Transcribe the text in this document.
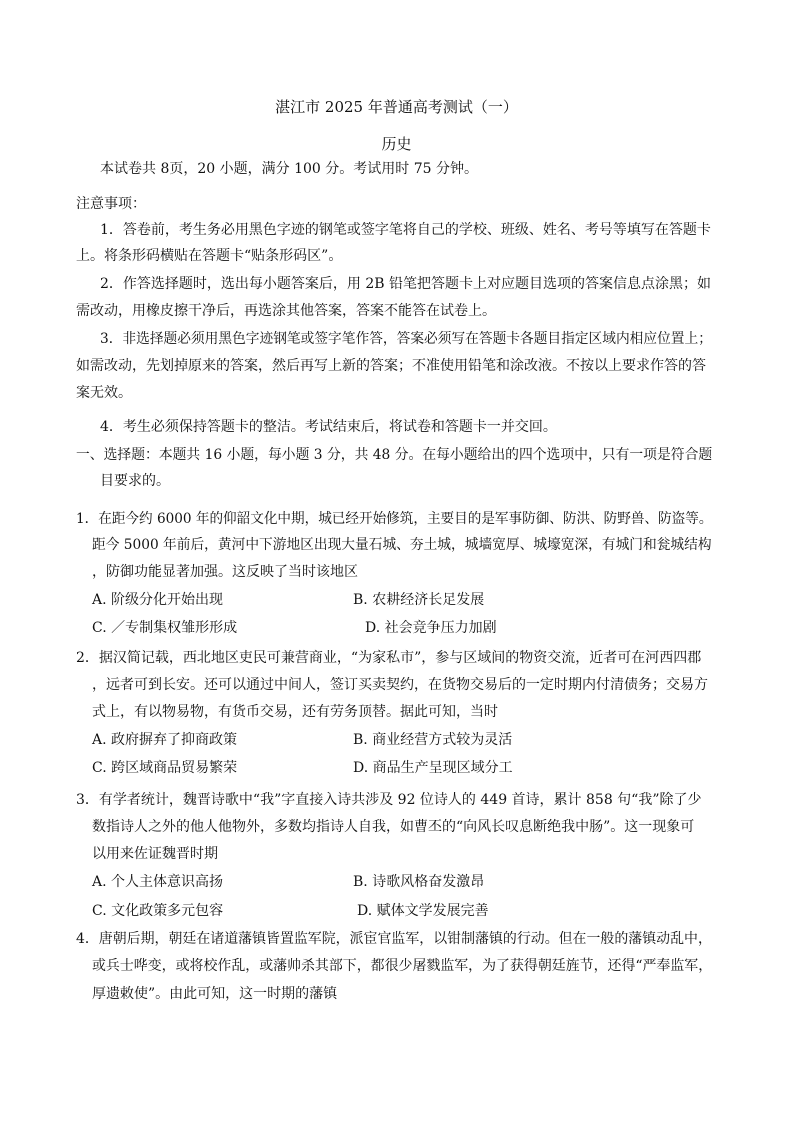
湛江市 2025 年普通高考测试（一）
历史
本试卷共 8页，20 小题，满分 100 分。考试用时 75 分钟。
注意事项：
1．答卷前，考生务必用黑色字迹的钢笔或签字笔将自己的学校、班级、姓名、考号等填写在答题卡
上。将条形码横贴在答题卡“贴条形码区”。
2．作答选择题时，选出每小题答案后，用 2B 铅笔把答题卡上对应题目选项的答案信息点涂黑；如
需改动，用橡皮擦干净后，再选涂其他答案，答案不能答在试卷上。
3．非选择题必须用黑色字迹钢笔或签字笔作答，答案必须写在答题卡各题目指定区域内相应位置上；
如需改动，先划掉原来的答案，然后再写上新的答案；不准使用铅笔和涂改液。不按以上要求作答的答
案无效。
4．考生必须保持答题卡的整洁。考试结束后，将试卷和答题卡一并交回。
一、选择题：本题共 16 小题，每小题 3 分，共 48 分。在每小题给出的四个选项中，只有一项是符合题
目要求的。
1．在距今约 6000 年的仰韶文化中期，城已经开始修筑，主要目的是军事防御、防洪、防野兽、防盗等。
距今 5000 年前后，黄河中下游地区出现大量石城、夯土城，城墙宽厚、城壕宽深，有城门和瓮城结构
，防御功能显著加强。这反映了当时该地区
A. 阶级分化开始出现	B. 农耕经济长足发展
C. ／专制集权雏形形成	D. 社会竞争压力加剧
2．据汉简记载，西北地区吏民可兼营商业，“为家私市”，参与区域间的物资交流，近者可在河西四郡
，远者可到长安。还可以通过中间人，签订买卖契约，在货物交易后的一定时期内付清债务；交易方
式上，有以物易物，有货币交易，还有劳务顶替。据此可知，当时
A. 政府摒弃了抑商政策	B. 商业经营方式较为灵活
C. 跨区域商品贸易繁荣	D. 商品生产呈现区域分工
3．有学者统计，魏晋诗歌中“我”字直接入诗共涉及 92 位诗人的 449 首诗，累计 858 句“我”除了少
数指诗人之外的他人他物外，多数均指诗人自我，如曹丕的“向风长叹息断绝我中肠”。这一现象可
以用来佐证魏晋时期
A. 个人主体意识高扬	B. 诗歌风格奋发激昂
C. 文化政策多元包容	D. 赋体文学发展完善
4．唐朝后期，朝廷在诸道藩镇皆置监军院，派宦官监军，以钳制藩镇的行动。但在一般的藩镇动乱中，
或兵士哗变，或将校作乱，或藩帅杀其部下，都很少屠戮监军，为了获得朝廷旌节，还得“严奉监军，
厚遗敕使”。由此可知，这一时期的藩镇
